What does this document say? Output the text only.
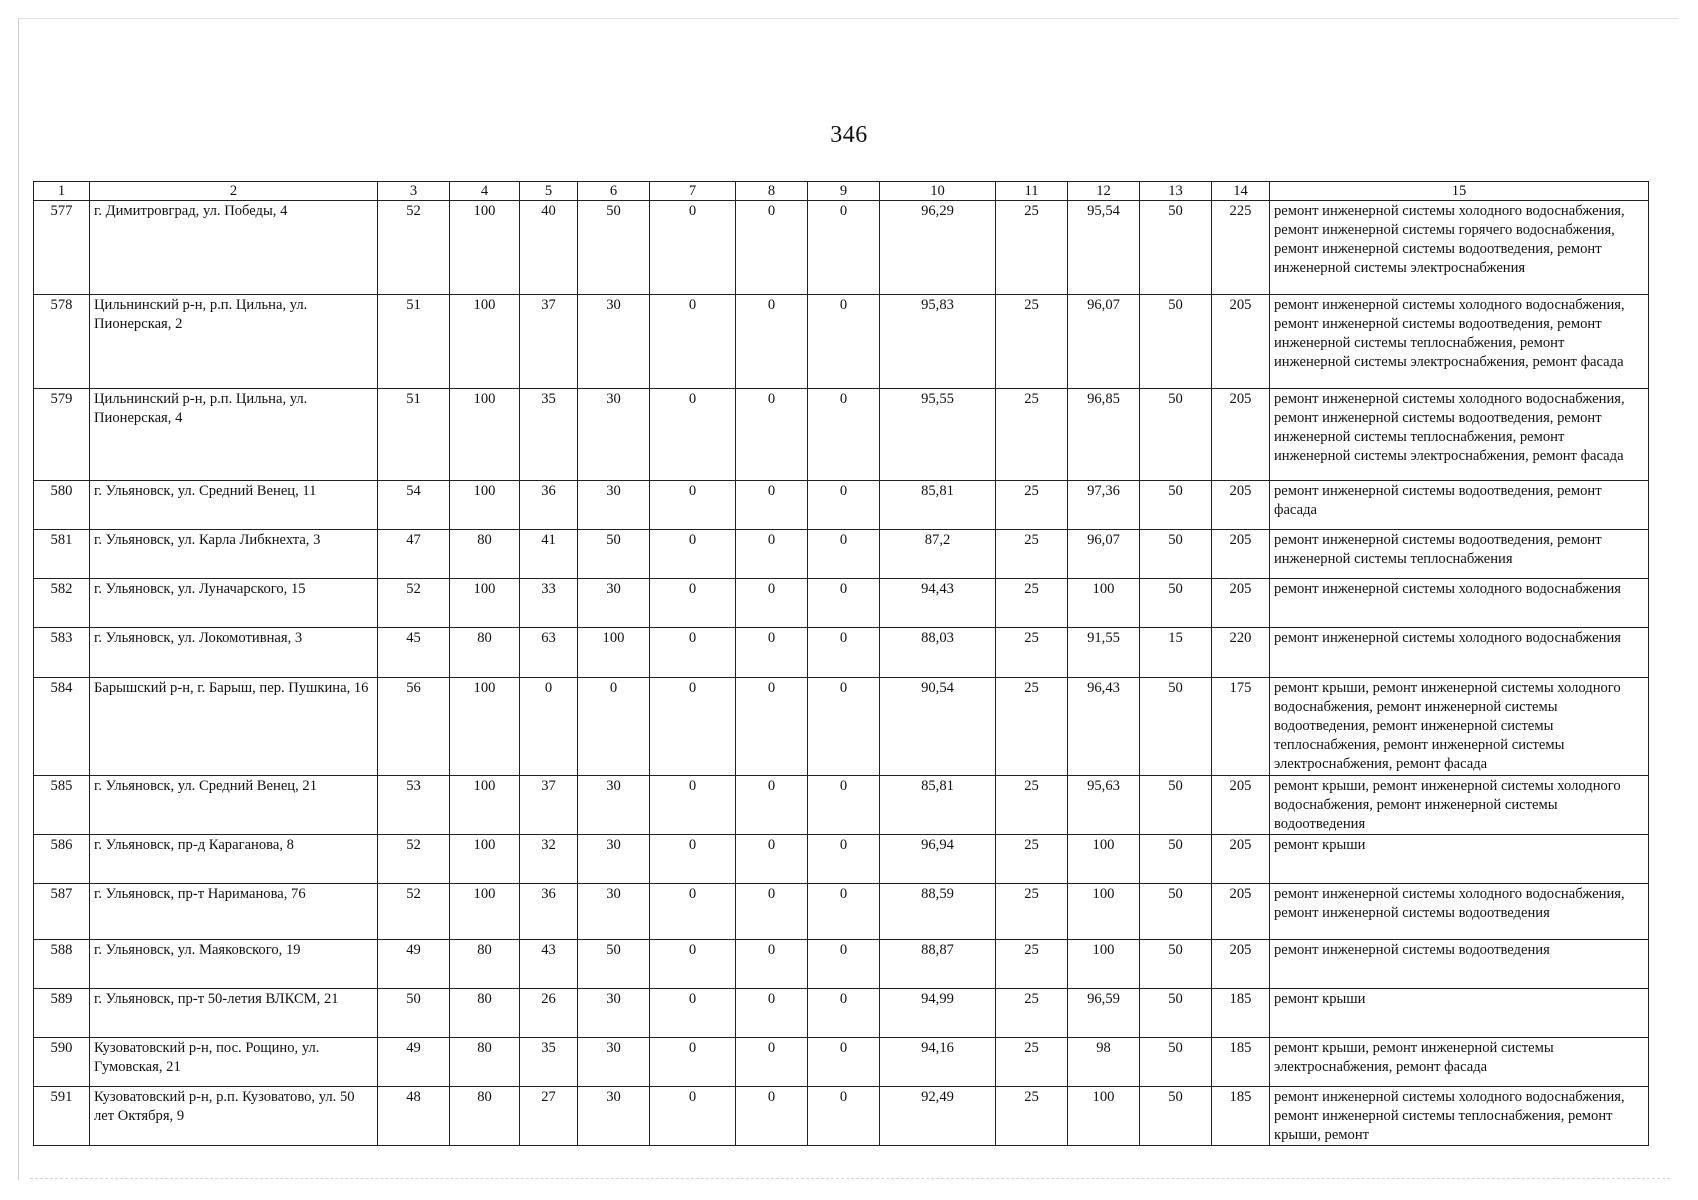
346
1	2	3	4	5	6	7	8	9	10	11	12	13	14	15
577	г. Димитровград, ул. Победы, 4	52	100	40	50	0	0	0	96,29	25	95,54	50	225	ремонт инженерной системы холодного водоснабжения, ремонт инженерной системы горячего водоснабжения, ремонт инженерной системы водоотведения, ремонт инженерной системы электроснабжения
578	Цильнинский р-н, р.п. Цильна, ул. Пионерская, 2	51	100	37	30	0	0	0	95,83	25	96,07	50	205	ремонт инженерной системы холодного водоснабжения, ремонт инженерной системы водоотведения, ремонт инженерной системы теплоснабжения, ремонт инженерной системы электроснабжения, ремонт фасада
579	Цильнинский р-н, р.п. Цильна, ул. Пионерская, 4	51	100	35	30	0	0	0	95,55	25	96,85	50	205	ремонт инженерной системы холодного водоснабжения, ремонт инженерной системы водоотведения, ремонт инженерной системы теплоснабжения, ремонт инженерной системы электроснабжения, ремонт фасада
580	г. Ульяновск, ул. Средний Венец, 11	54	100	36	30	0	0	0	85,81	25	97,36	50	205	ремонт инженерной системы водоотведения, ремонт фасада
581	г. Ульяновск, ул. Карла Либкнехта, 3	47	80	41	50	0	0	0	87,2	25	96,07	50	205	ремонт инженерной системы водоотведения, ремонт инженерной системы теплоснабжения
582	г. Ульяновск, ул. Луначарского, 15	52	100	33	30	0	0	0	94,43	25	100	50	205	ремонт инженерной системы холодного водоснабжения
583	г. Ульяновск, ул. Локомотивная, 3	45	80	63	100	0	0	0	88,03	25	91,55	15	220	ремонт инженерной системы холодного водоснабжения
584	Барышский р-н, г. Барыш, пер. Пушкина, 16	56	100	0	0	0	0	0	90,54	25	96,43	50	175	ремонт крыши, ремонт инженерной системы холодного водоснабжения, ремонт инженерной системы водоотведения, ремонт инженерной системы теплоснабжения, ремонт инженерной системы электроснабжения, ремонт фасада
585	г. Ульяновск, ул. Средний Венец, 21	53	100	37	30	0	0	0	85,81	25	95,63	50	205	ремонт крыши, ремонт инженерной системы холодного водоснабжения, ремонт инженерной системы водоотведения
586	г. Ульяновск, пр-д Караганова, 8	52	100	32	30	0	0	0	96,94	25	100	50	205	ремонт крыши
587	г. Ульяновск, пр-т Нариманова, 76	52	100	36	30	0	0	0	88,59	25	100	50	205	ремонт инженерной системы холодного водоснабжения, ремонт инженерной системы водоотведения
588	г. Ульяновск, ул. Маяковского, 19	49	80	43	50	0	0	0	88,87	25	100	50	205	ремонт инженерной системы водоотведения
589	г. Ульяновск, пр-т 50-летия ВЛКСМ, 21	50	80	26	30	0	0	0	94,99	25	96,59	50	185	ремонт крыши
590	Кузоватовский р-н, пос. Рощино, ул. Гумовская, 21	49	80	35	30	0	0	0	94,16	25	98	50	185	ремонт крыши, ремонт инженерной системы электроснабжения, ремонт фасада
591	Кузоватовский р-н, р.п. Кузоватово, ул. 50 лет Октября, 9	48	80	27	30	0	0	0	92,49	25	100	50	185	ремонт инженерной системы холодного водоснабжения, ремонт инженерной системы теплоснабжения, ремонт крыши, ремонт
